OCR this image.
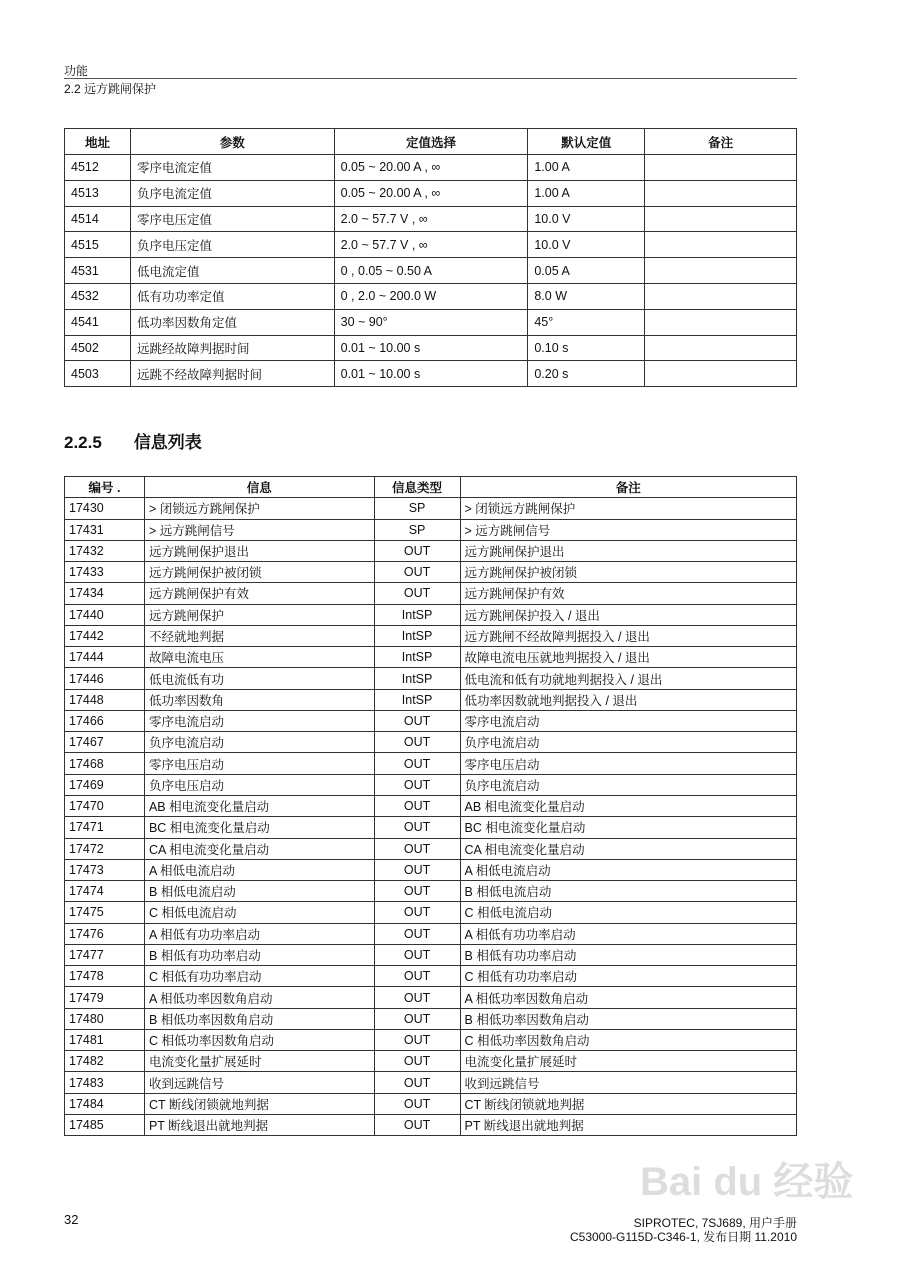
功能
2.2 远方跳闸保护
地址	参数	定值选择	默认定值	备注
4512	零序电流定值	0.05 ~ 20.00 A , ∞	1.00 A	
4513	负序电流定值	0.05 ~ 20.00 A , ∞	1.00 A	
4514	零序电压定值	2.0 ~ 57.7 V , ∞	10.0 V	
4515	负序电压定值	2.0 ~ 57.7 V , ∞	10.0 V	
4531	低电流定值	0 , 0.05 ~ 0.50 A	0.05 A	
4532	低有功功率定值	0 , 2.0 ~ 200.0 W	8.0 W	
4541	低功率因数角定值	30 ~ 90°	45°	
4502	远跳经故障判据时间	0.01 ~ 10.00 s	0.10 s	
4503	远跳不经故障判据时间	0.01 ~ 10.00 s	0.20 s	
2.2.5 信息列表
编号 .	信息	信息类型	备注
17430	> 闭锁远方跳闸保护	SP	> 闭锁远方跳闸保护
17431	> 远方跳闸信号	SP	> 远方跳闸信号
17432	远方跳闸保护退出	OUT	远方跳闸保护退出
17433	远方跳闸保护被闭锁	OUT	远方跳闸保护被闭锁
17434	远方跳闸保护有效	OUT	远方跳闸保护有效
17440	远方跳闸保护	IntSP	远方跳闸保护投入 / 退出
17442	不经就地判据	IntSP	远方跳闸不经故障判据投入 / 退出
17444	故障电流电压	IntSP	故障电流电压就地判据投入 / 退出
17446	低电流低有功	IntSP	低电流和低有功就地判据投入 / 退出
17448	低功率因数角	IntSP	低功率因数就地判据投入 / 退出
17466	零序电流启动	OUT	零序电流启动
17467	负序电流启动	OUT	负序电流启动
17468	零序电压启动	OUT	零序电压启动
17469	负序电压启动	OUT	负序电流启动
17470	AB 相电流变化量启动	OUT	AB 相电流变化量启动
17471	BC 相电流变化量启动	OUT	BC 相电流变化量启动
17472	CA 相电流变化量启动	OUT	CA 相电流变化量启动
17473	A 相低电流启动	OUT	A 相低电流启动
17474	B 相低电流启动	OUT	B 相低电流启动
17475	C 相低电流启动	OUT	C 相低电流启动
17476	A 相低有功功率启动	OUT	A 相低有功功率启动
17477	B 相低有功功率启动	OUT	B 相低有功功率启动
17478	C 相低有功功率启动	OUT	C 相低有功功率启动
17479	A 相低功率因数角启动	OUT	A 相低功率因数角启动
17480	B 相低功率因数角启动	OUT	B 相低功率因数角启动
17481	C 相低功率因数角启动	OUT	C 相低功率因数角启动
17482	电流变化量扩展延时	OUT	电流变化量扩展延时
17483	收到远跳信号	OUT	收到远跳信号
17484	CT 断线闭锁就地判据	OUT	CT 断线闭锁就地判据
17485	PT 断线退出就地判据	OUT	PT 断线退出就地判据
Bai du 经验
32	SIPROTEC, 7SJ689, 用户手册
C53000-G115D-C346-1, 发布日期 11.2010
